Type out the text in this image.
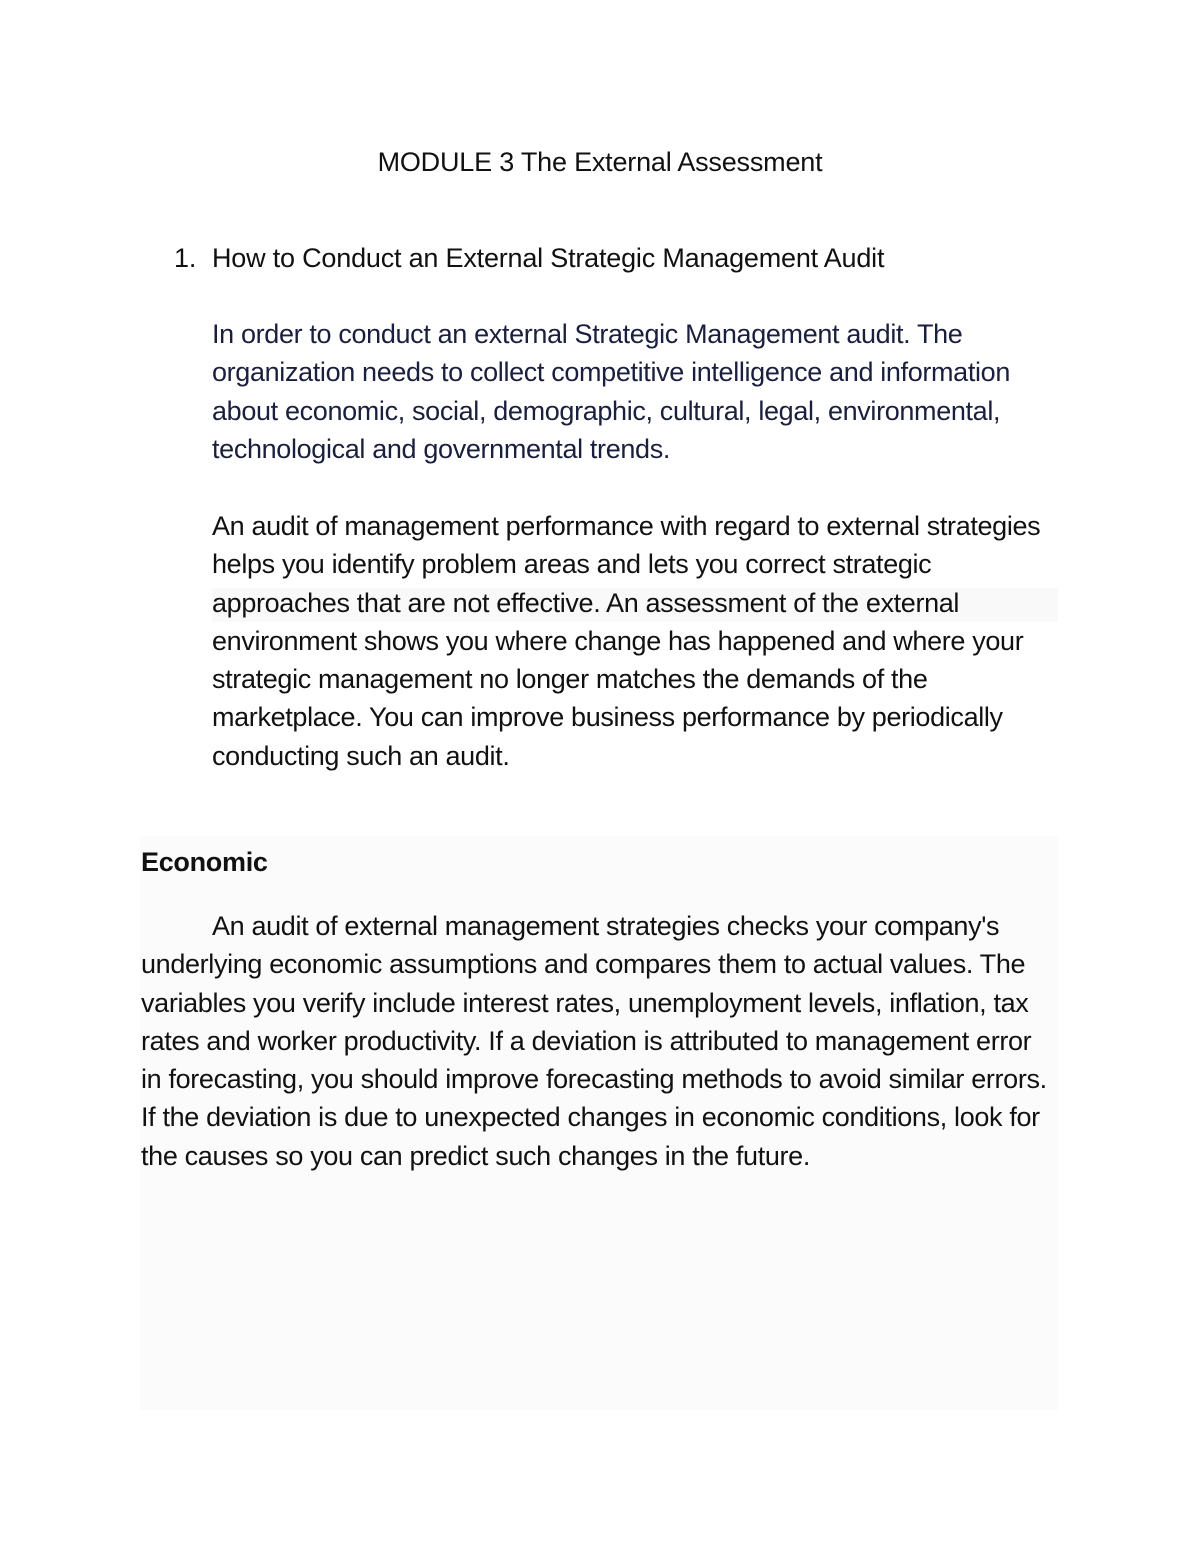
MODULE 3 The External Assessment
1. How to Conduct an External Strategic Management Audit
In order to conduct an external Strategic Management audit. The organization needs to collect competitive intelligence and information about economic, social, demographic, cultural, legal, environmental, technological and governmental trends.
An audit of management performance with regard to external strategies helps you identify problem areas and lets you correct strategic approaches that are not effective. An assessment of the external environment shows you where change has happened and where your strategic management no longer matches the demands of the marketplace. You can improve business performance by periodically conducting such an audit.
Economic
An audit of external management strategies checks your company's underlying economic assumptions and compares them to actual values. The variables you verify include interest rates, unemployment levels, inflation, tax rates and worker productivity. If a deviation is attributed to management error in forecasting, you should improve forecasting methods to avoid similar errors. If the deviation is due to unexpected changes in economic conditions, look for the causes so you can predict such changes in the future.
